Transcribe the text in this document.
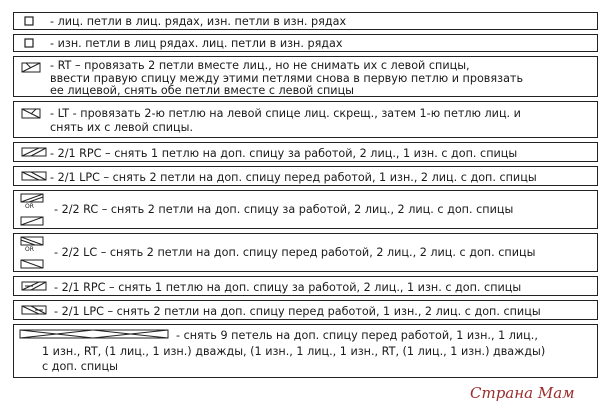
- лиц. петли в лиц. рядах, изн. петли в изн. рядах
- изн. петли в лиц рядах. лиц. петли в изн. рядах
- RT – провязать 2 петли вместе лиц., но не снимать их с левой спицы,
ввести правую спицу между этими петлями снова в первую петлю и провязать
ее лицевой, снять обе петли вместе с левой спицы
- LT - провязать 2-ю петлю на левой спице лиц. скрещ., затем 1-ю петлю лиц. и
снять их с левой спицы.
- 2/1 RPC – снять 1 петлю на доп. спицу за работой, 2 лиц., 1 изн. с доп. спицы
- 2/1 LPC – снять 2 петли на доп. спицу перед работой, 1 изн., 2 лиц. с доп. спицы
OR - 2/2 RC – снять 2 петли на доп. спицу за работой, 2 лиц., 2 лиц. с доп. спицы
OR - 2/2 LC – снять 2 петли на доп. спицу перед работой, 2 лиц., 2 лиц. с доп. спицы
- 2/1 RPC – снять 1 петлю на доп. спицу за работой, 2 лиц., 1 изн. с доп. спицы
- 2/1 LPC – снять 2 петли на доп. спицу перед работой, 1 изн., 2 лиц. с доп. спицы
- снять 9 петель на доп. спицу перед работой, 1 изн., 1 лиц.,
1 изн., RT, (1 лиц., 1 изн.) дважды, (1 изн., 1 лиц., 1 изн., RT, (1 лиц., 1 изн.) дважды)
с доп. спицы
Страна Мам
